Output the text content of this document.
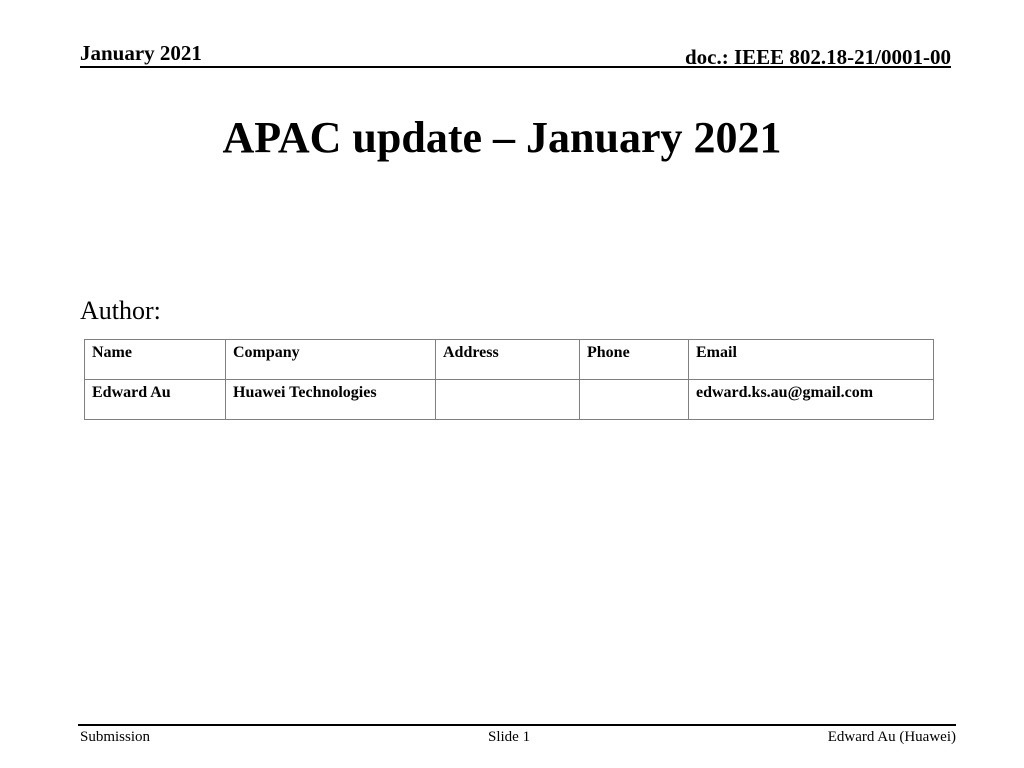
January 2021	doc.: IEEE 802.18-21/0001-00
APAC update – January 2021
Author:
Name	Company	Address	Phone	Email
Edward Au	Huawei Technologies			edward.ks.au@gmail.com
Submission	Slide 1	Edward Au (Huawei)
